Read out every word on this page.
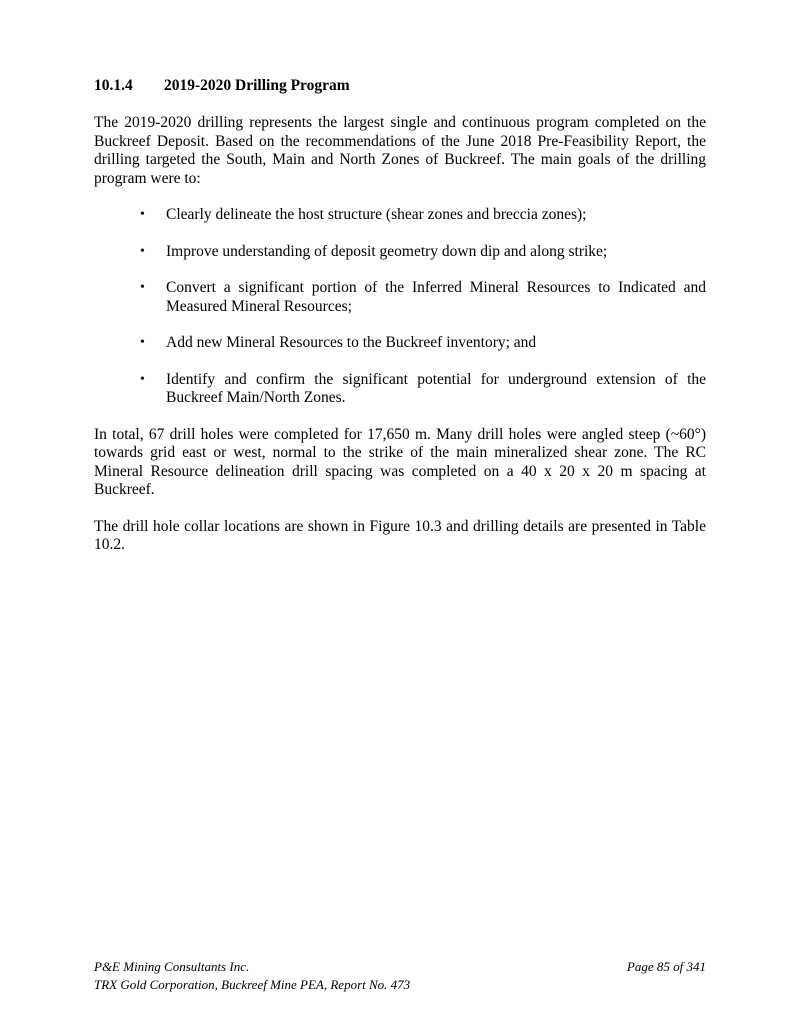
10.1.4	2019-2020 Drilling Program

The 2019-2020 drilling represents the largest single and continuous program completed on the Buckreef Deposit. Based on the recommendations of the June 2018 Pre-Feasibility Report, the drilling targeted the South, Main and North Zones of Buckreef. The main goals of the drilling program were to:

•	Clearly delineate the host structure (shear zones and breccia zones);
•	Improve understanding of deposit geometry down dip and along strike;
•	Convert a significant portion of the Inferred Mineral Resources to Indicated and Measured Mineral Resources;
•	Add new Mineral Resources to the Buckreef inventory; and
•	Identify and confirm the significant potential for underground extension of the Buckreef Main/North Zones.

In total, 67 drill holes were completed for 17,650 m. Many drill holes were angled steep (~60°) towards grid east or west, normal to the strike of the main mineralized shear zone. The RC Mineral Resource delineation drill spacing was completed on a 40 x 20 x 20 m spacing at Buckreef.

The drill hole collar locations are shown in Figure 10.3 and drilling details are presented in Table 10.2.

P&E Mining Consultants Inc.	Page 85 of 341
TRX Gold Corporation, Buckreef Mine PEA, Report No. 473
